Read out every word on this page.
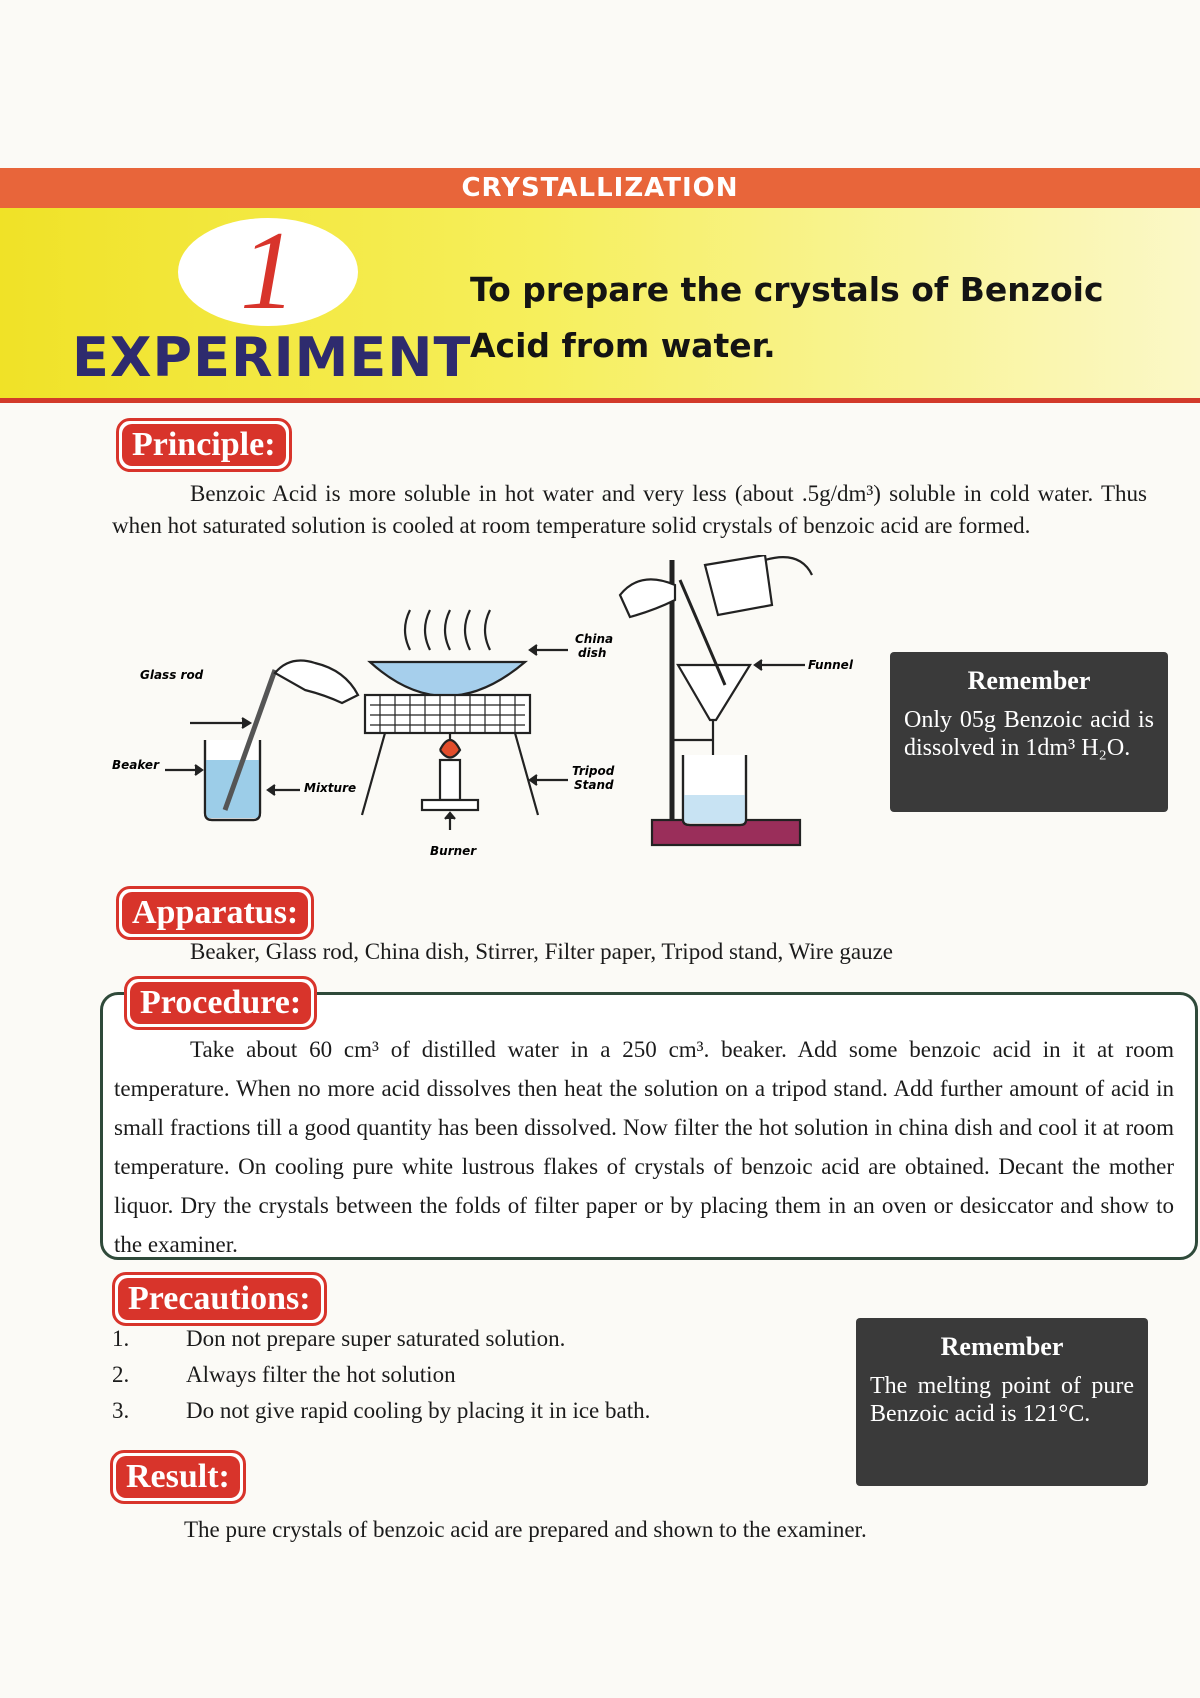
CRYSTALLIZATION
1
EXPERIMENT
To prepare the crystals of Benzoic Acid from water.
Principle:
Benzoic Acid is more soluble in hot water and very less (about .5g/dm³) soluble in cold water. Thus when hot saturated solution is cooled at room temperature solid crystals of benzoic acid are formed.
Glass rod
Beaker
Mixture
China
dish
Tripod
Stand
Burner
Funnel
Remember

Only 05g Benzoic acid is dissolved in 1dm³ H₂O.

Apparatus:
Beaker, Glass rod, China dish, Stirrer, Filter paper, Tripod stand, Wire gauze
Procedure:
Take about 60 cm³ of distilled water in a 250 cm³. beaker. Add some benzoic acid in it at room temperature. When no more acid dissolves then heat the solution on a tripod stand. Add further amount of acid in small fractions till a good quantity has been dissolved. Now filter the hot solution in china dish and cool it at room temperature. On cooling pure white lustrous flakes of crystals of benzoic acid are obtained. Decant the mother liquor. Dry the crystals between the folds of filter paper or by placing them in an oven or desiccator and show to the examiner.
Precautions:
1. Don not prepare super saturated solution.
2. Always filter the hot solution
3. Do not give rapid cooling by placing it in ice bath.
Remember

The melting point of pure Benzoic acid is 121°C.

Result:
The pure crystals of benzoic acid are prepared and shown to the examiner.
